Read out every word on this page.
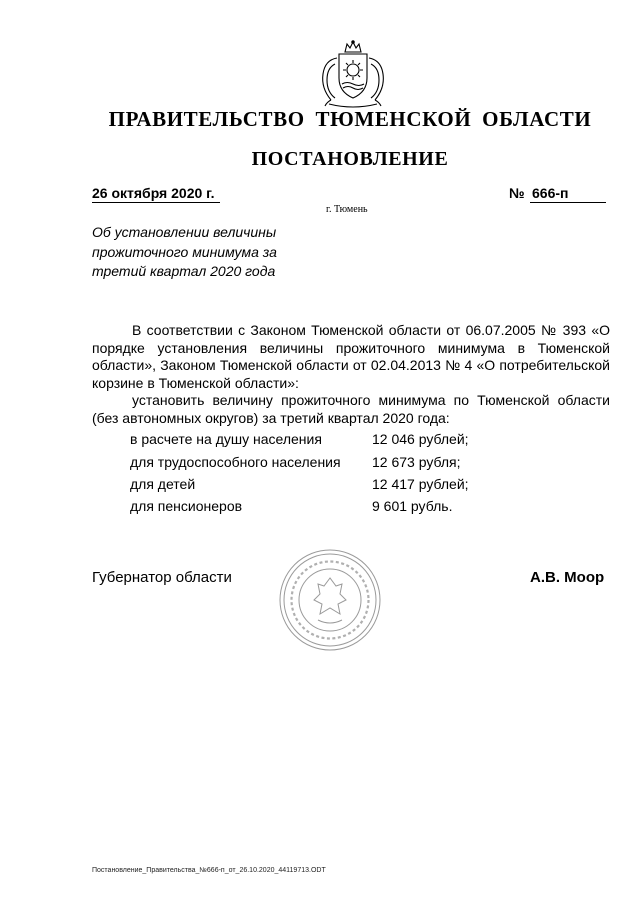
ПРАВИТЕЛЬСТВО ТЮМЕНСКОЙ ОБЛАСТИ
ПОСТАНОВЛЕНИЕ
26 октября 2020 г.	№ 666-п
г. Тюмень
Об установлении величины прожиточного минимума за третий квартал 2020 года
В соответствии с Законом Тюменской области от 06.07.2005 № 393 «О порядке установления величины прожиточного минимума в Тюменской области», Законом Тюменской области от 02.04.2013 № 4 «О потребительской корзине в Тюменской области»:
установить величину прожиточного минимума по Тюменской области (без автономных округов) за третий квартал 2020 года:
в расчете на душу населения	12 046 рублей;
для трудоспособного населения 12 673 рубля;
для детей	12 417 рублей;
для пенсионеров	9 601 рубль.
Губернатор области	А.В. Моор
Постановление_Правительства_№666-п_от_26.10.2020_44119713.ODT
